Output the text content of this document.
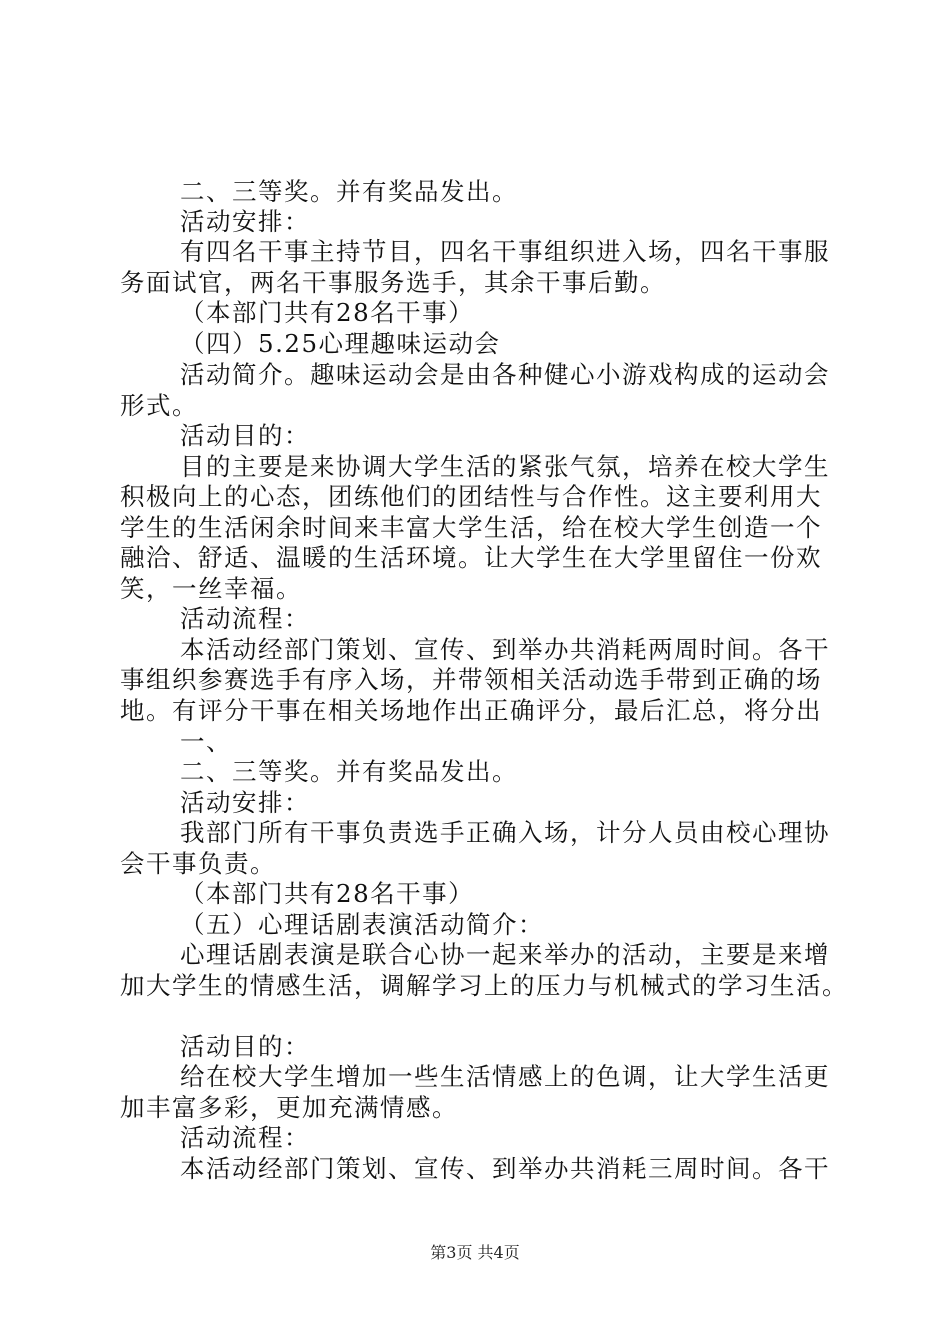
二、三等奖。并有奖品发出。
活动安排：
有四名干事主持节目，四名干事组织进入场，四名干事服
务面试官，两名干事服务选手，其余干事后勤。
（本部门共有28名干事）
（四）5.25心理趣味运动会
活动简介。趣味运动会是由各种健心小游戏构成的运动会
形式。
活动目的：
目的主要是来协调大学生活的紧张气氛，培养在校大学生
积极向上的心态，团练他们的团结性与合作性。这主要利用大
学生的生活闲余时间来丰富大学生活，给在校大学生创造一个
融洽、舒适、温暖的生活环境。让大学生在大学里留住一份欢
笑，一丝幸福。
活动流程：
本活动经部门策划、宣传、到举办共消耗两周时间。各干
事组织参赛选手有序入场，并带领相关活动选手带到正确的场
地。有评分干事在相关场地作出正确评分，最后汇总，将分出
一、
二、三等奖。并有奖品发出。
活动安排：
我部门所有干事负责选手正确入场，计分人员由校心理协
会干事负责。
（本部门共有28名干事）
（五）心理话剧表演活动简介：
心理话剧表演是联合心协一起来举办的活动，主要是来增
加大学生的情感生活，调解学习上的压力与机械式的学习生活。
活动目的：
给在校大学生增加一些生活情感上的色调，让大学生活更
加丰富多彩，更加充满情感。
活动流程：
本活动经部门策划、宣传、到举办共消耗三周时间。各干
第3页 共4页
